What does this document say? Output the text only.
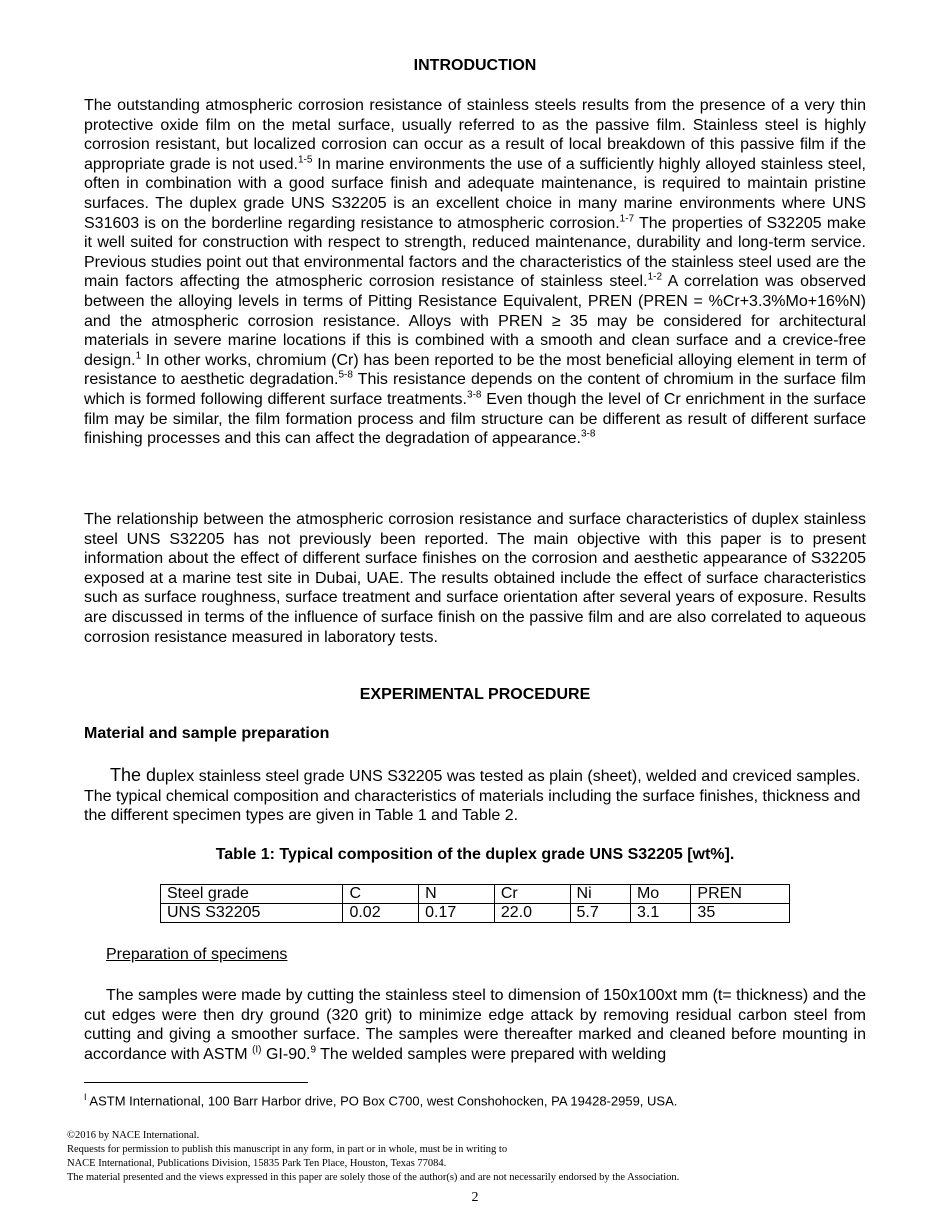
INTRODUCTION
The outstanding atmospheric corrosion resistance of stainless steels results from the presence of a very thin protective oxide film on the metal surface, usually referred to as the passive film. Stainless steel is highly corrosion resistant, but localized corrosion can occur as a result of local breakdown of this passive film if the appropriate grade is not used.$^{1-5}$ In marine environments the use of a sufficiently highly alloyed stainless steel, often in combination with a good surface finish and adequate maintenance, is required to maintain pristine surfaces. The duplex grade UNS S32205 is an excellent choice in many marine environments where UNS S31603 is on the borderline regarding resistance to atmospheric corrosion.$^{1-7}$ The properties of S32205 make it well suited for construction with respect to strength, reduced maintenance, durability and long-term service. Previous studies point out that environmental factors and the characteristics of the stainless steel used are the main factors affecting the atmospheric corrosion resistance of stainless steel.$^{1-2}$ A correlation was observed between the alloying levels in terms of Pitting Resistance Equivalent, PREN (PREN = %Cr+3.3%Mo+16%N) and the atmospheric corrosion resistance. Alloys with PREN ≥ 35 may be considered for architectural materials in severe marine locations if this is combined with a smooth and clean surface and a crevice-free design.$^1$ In other works, chromium (Cr) has been reported to be the most beneficial alloying element in term of resistance to aesthetic degradation.$^{5-8}$ This resistance depends on the content of chromium in the surface film which is formed following different surface treatments.$^{3-8}$ Even though the level of Cr enrichment in the surface film may be similar, the film formation process and film structure can be different as result of different surface finishing processes and this can affect the degradation of appearance.$^{3-8}$
The relationship between the atmospheric corrosion resistance and surface characteristics of duplex stainless steel UNS S32205 has not previously been reported. The main objective with this paper is to present information about the effect of different surface finishes on the corrosion and aesthetic appearance of S32205 exposed at a marine test site in Dubai, UAE. The results obtained include the effect of surface characteristics such as surface roughness, surface treatment and surface orientation after several years of exposure. Results are discussed in terms of the influence of surface finish on the passive film and are also correlated to aqueous corrosion resistance measured in laboratory tests.
EXPERIMENTAL PROCEDURE
Material and sample preparation
The duplex stainless steel grade UNS S32205 was tested as plain (sheet), welded and creviced samples. The typical chemical composition and characteristics of materials including the surface finishes, thickness and the different specimen types are given in Table 1 and Table 2.
Table 1: Typical composition of the duplex grade UNS S32205 [wt%].
Steel grade	C	N	Cr	Ni	Mo	PREN
UNS S32205	0.02	0.17	22.0	5.7	3.1	35
Preparation of specimens
The samples were made by cutting the stainless steel to dimension of 150x100xt mm (t= thickness) and the cut edges were then dry ground (320 grit) to minimize edge attack by removing residual carbon steel from cutting and giving a smoother surface. The samples were thereafter marked and cleaned before mounting in accordance with ASTM $^{(I)}$ GI-90.$^9$ The welded samples were prepared with welding
$^I$ ASTM International, 100 Barr Harbor drive, PO Box C700, west Conshohocken, PA 19428-2959, USA.
©2016 by NACE International.
Requests for permission to publish this manuscript in any form, in part or in whole, must be in writing to
NACE International, Publications Division, 15835 Park Ten Place, Houston, Texas 77084.
The material presented and the views expressed in this paper are solely those of the author(s) and are not necessarily endorsed by the Association.
2
